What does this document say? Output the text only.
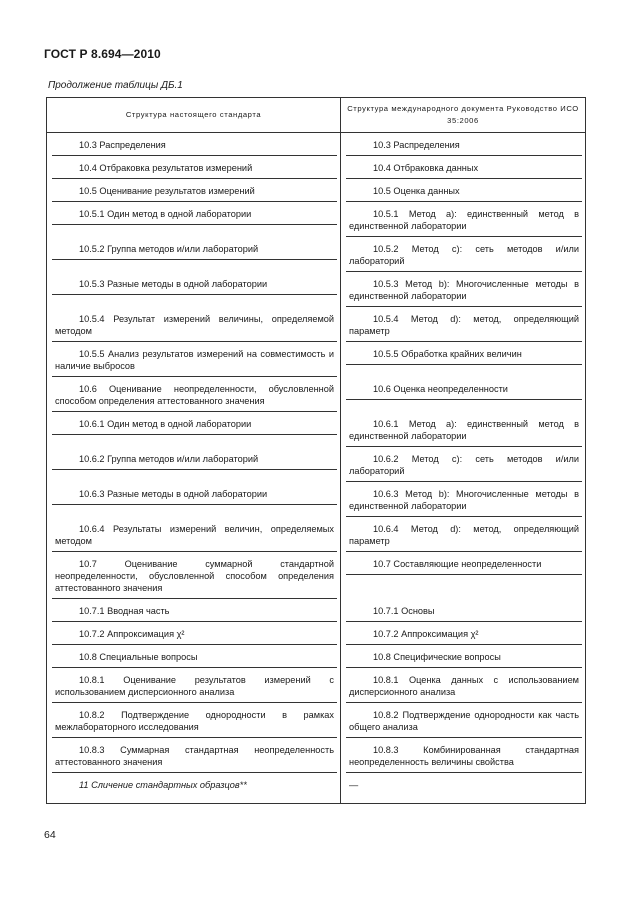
ГОСТ Р 8.694—2010
Продолжение таблицы ДБ.1
Структура настоящего стандарта	Структура международного документа Руководство ИСО 35:2006

10.3 Распределения	10.3 Распределения

10.4 Отбраковка результатов измерений	10.4 Отбраковка данных

10.5 Оценивание результатов измерений	10.5 Оценка данных

10.5.1 Один метод в одной лаборатории	10.5.1 Метод a): единственный метод в единственной лаборатории

10.5.2 Группа методов и/или лабораторий	10.5.2 Метод c): сеть методов и/или лабораторий

10.5.3 Разные методы в одной лаборатории	10.5.3 Метод b): Многочисленные методы в единственной лаборатории

10.5.4 Результат измерений величины, определяемой методом	10.5.4 Метод d): метод, определяющий параметр

10.5.5 Анализ результатов измерений на совместимость и наличие выбросов	10.5.5 Обработка крайних величин

10.6 Оценивание неопределенности, обусловленной способом определения аттестованного значения	10.6 Оценка неопределенности

10.6.1 Один метод в одной лаборатории	10.6.1 Метод a): единственный метод в единственной лаборатории

10.6.2 Группа методов и/или лабораторий	10.6.2 Метод c): сеть методов и/или лабораторий

10.6.3 Разные методы в одной лаборатории	10.6.3 Метод b): Многочисленные методы в единственной лаборатории

10.6.4 Результаты измерений величин, определяемых методом	10.6.4 Метод d): метод, определяющий параметр

10.7 Оценивание суммарной стандартной неопределенности, обусловленной способом определения аттестованного значения	10.7 Составляющие неопределенности

10.7.1 Вводная часть	10.7.1 Основы

10.7.2 Аппроксимация χ²	10.7.2 Аппроксимация χ²

10.8 Специальные вопросы	10.8 Специфические вопросы

10.8.1 Оценивание результатов измерений с использованием дисперсионного анализа	10.8.1 Оценка данных с использованием дисперсионного анализа

10.8.2 Подтверждение однородности в рамках межлабораторного исследования	10.8.2 Подтверждение однородности как часть общего анализа

10.8.3 Суммарная стандартная неопределенность аттестованного значения	10.8.3 Комбинированная стандартная неопределенность величины свойства

11 Сличение стандартных образцов**	—
64
